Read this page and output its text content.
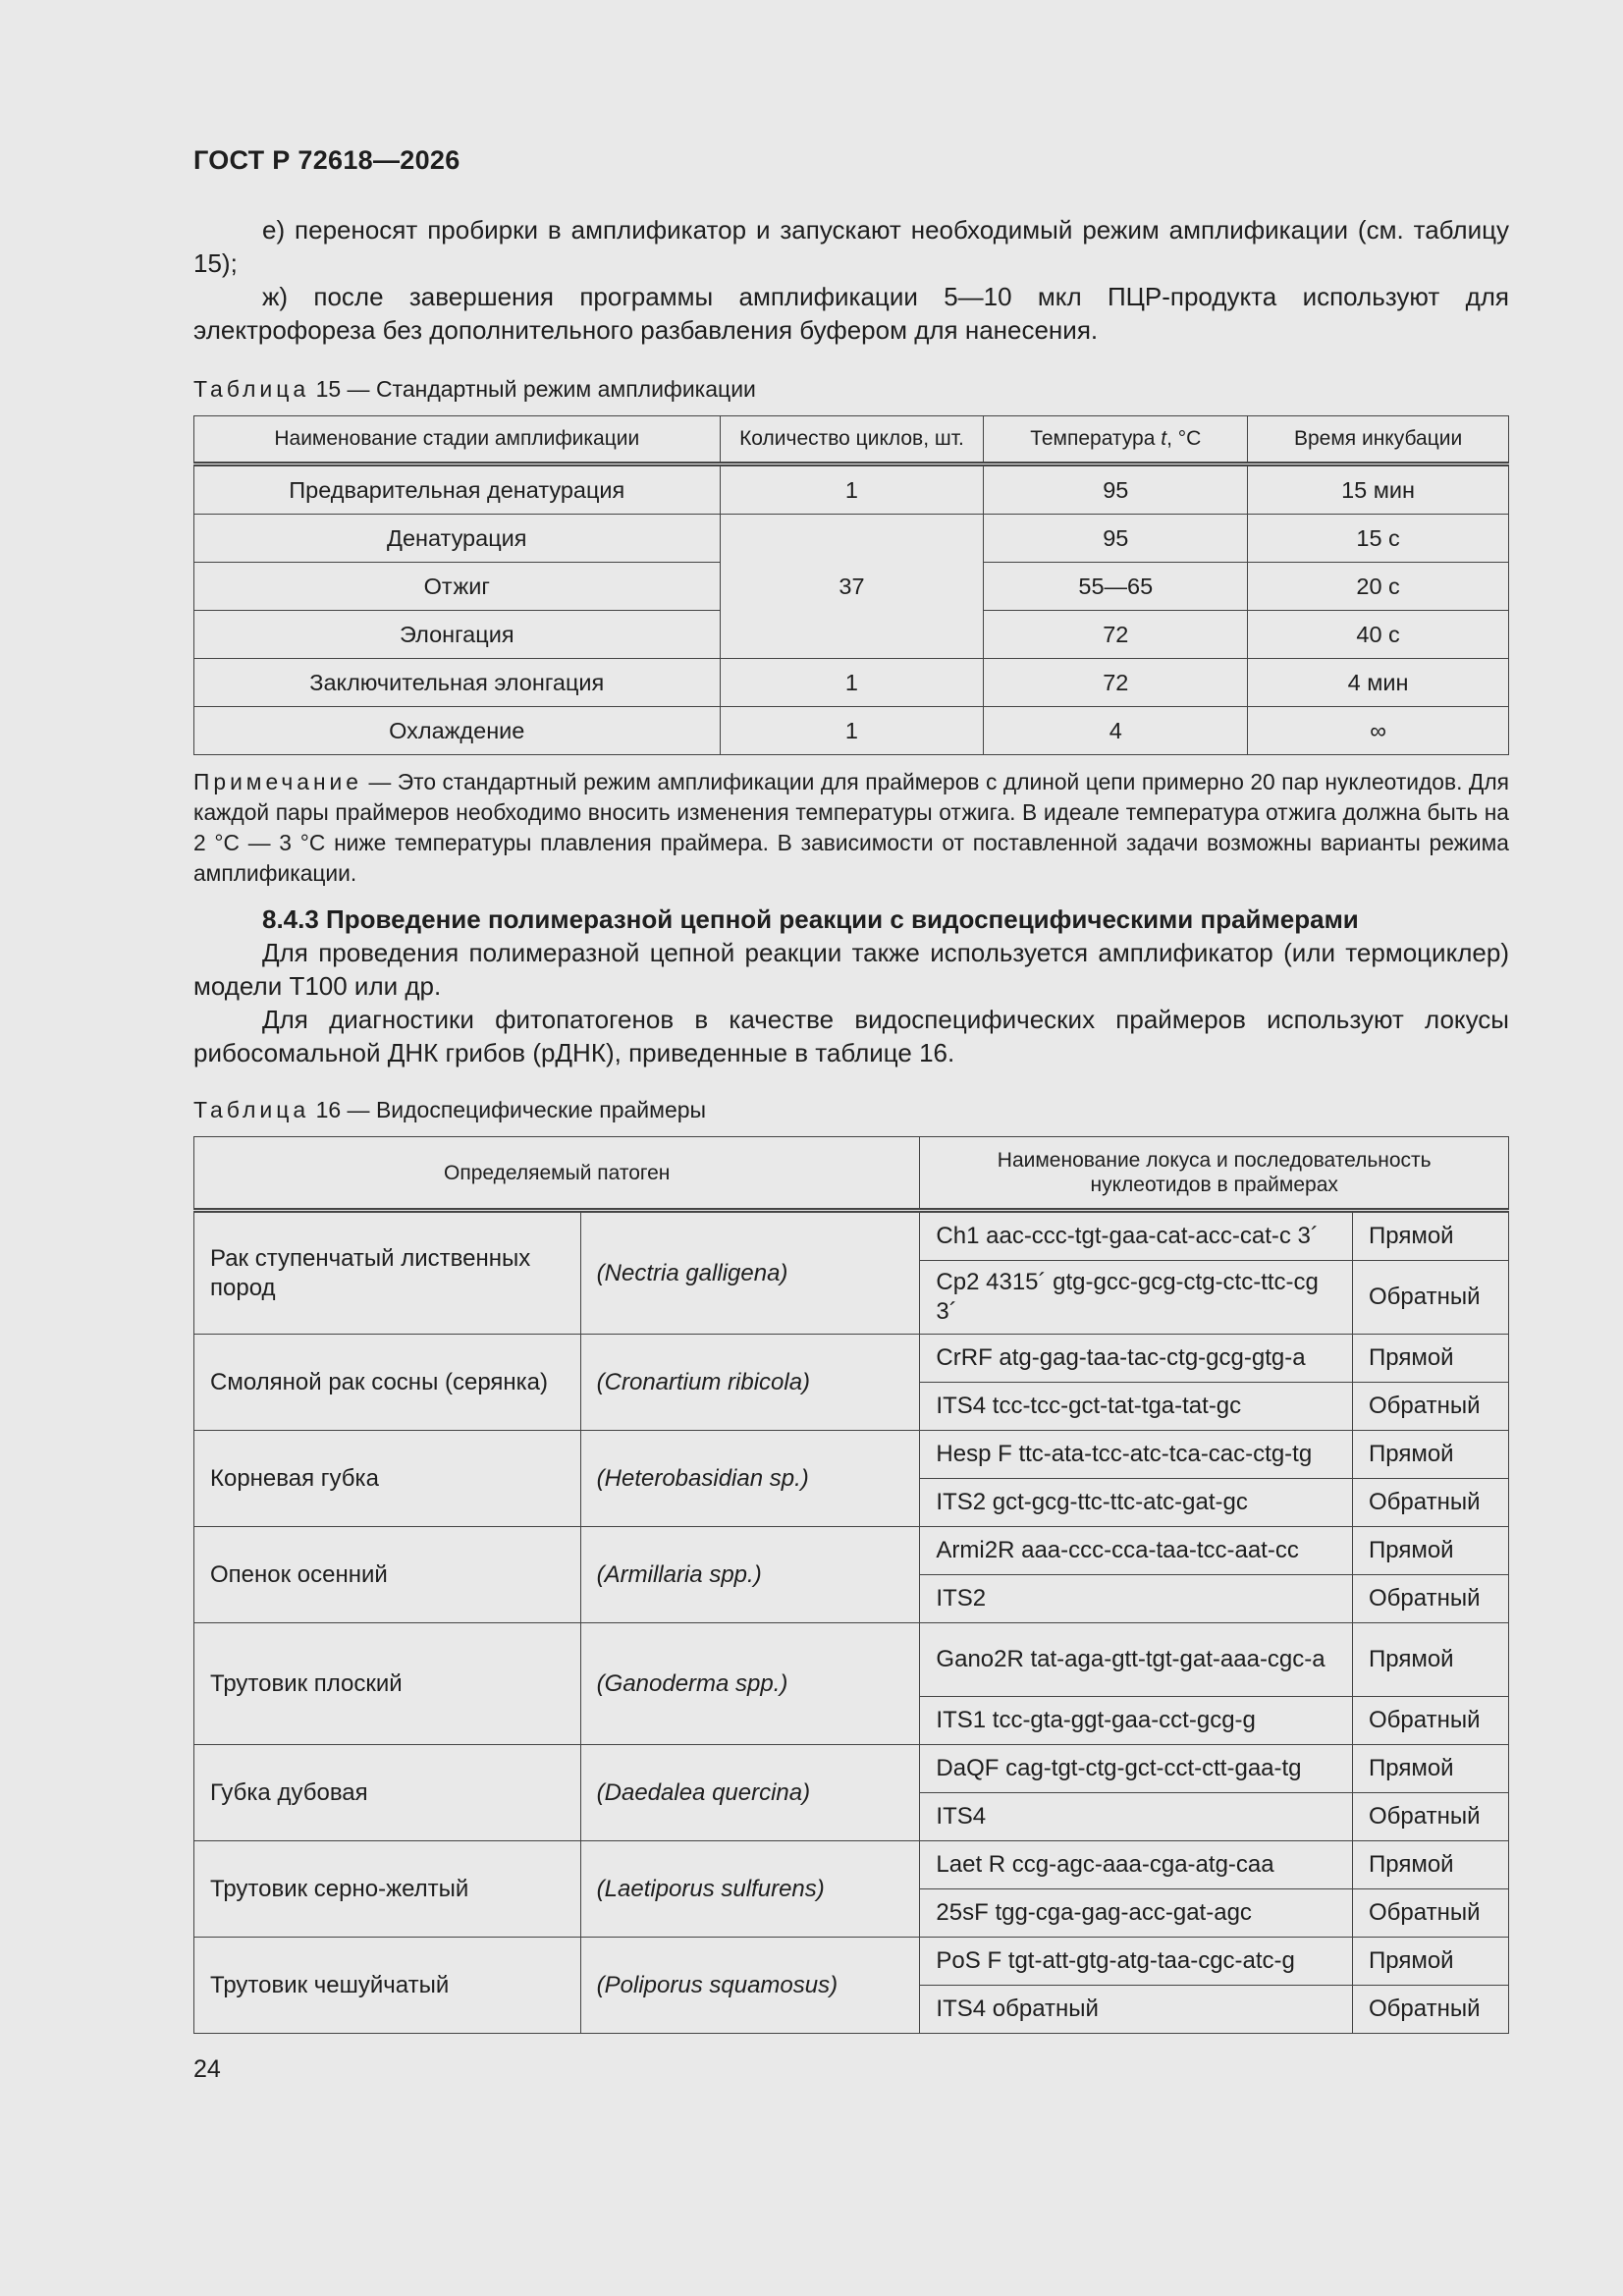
ГОСТ Р 72618—2026

е) переносят пробирки в амплификатор и запускают необходимый режим амплификации (см. таблицу 15);

ж) после завершения программы амплификации 5—10 мкл ПЦР-продукта используют для электрофореза без дополнительного разбавления буфером для нанесения.

Таблица 15 — Стандартный режим амплификации
Наименование стадии амплификации	Количество циклов, шт.	Температура t, °С	Время инкубации
Предварительная денатурация	1	95	15 мин
Денатурация	37	95	15 с
Отжиг		55—65	20 с
Элонгация		72	40 с
Заключительная элонгация	1	72	4 мин
Охлаждение	1	4	∞

Примечание — Это стандартный режим амплификации для праймеров с длиной цепи примерно 20 пар нуклеотидов. Для каждой пары праймеров необходимо вносить изменения температуры отжига. В идеале температура отжига должна быть на 2 °С — 3 °С ниже температуры плавления праймера. В зависимости от поставленной задачи возможны варианты режима амплификации.

8.4.3 Проведение полимеразной цепной реакции с видоспецифическими праймерами

Для проведения полимеразной цепной реакции также используется амплификатор (или термоциклер) модели Т100 или др.

Для диагностики фитопатогенов в качестве видоспецифических праймеров используют локусы рибосомальной ДНК грибов (рДНК), приведенные в таблице 16.

Таблица 16 — Видоспецифические праймеры
Определяемый патоген		Наименование локуса и последовательность нуклеотидов в праймерах	

Рак ступенчатый лиственных пород	(Nectria galligena)	Ch1 aac-ccc-tgt-gaa-cat-acc-cat-c 3´	Прямой
		Cp2 4315´ gtg-gcc-gcg-ctg-ctc-ttc-cg 3´	Обратный
Смоляной рак сосны (серянка)	(Cronartium ribicola)	CrRF atg-gag-taa-tac-ctg-gcg-gtg-a	Прямой
		ITS4 tcc-tcc-gct-tat-tga-tat-gc	Обратный
Корневая губка	(Heterobasidian sp.)	Hesp F ttc-ata-tcc-atc-tca-cac-ctg-tg	Прямой
		ITS2 gct-gcg-ttc-ttc-atc-gat-gc	Обратный
Опенок осенний	(Armillaria spp.)	Armi2R aaa-ccc-cca-taa-tcc-aat-cc	Прямой
		ITS2	Обратный
Трутовик плоский	(Ganoderma spp.)	Gano2R tat-aga-gtt-tgt-gat-aaa-cgc-a	Прямой
		ITS1 tcc-gta-ggt-gaa-cct-gcg-g	Обратный
Губка дубовая	(Daedalea quercina)	DaQF cag-tgt-ctg-gct-cct-ctt-gaa-tg	Прямой
		ITS4	Обратный
Трутовик серно-желтый	(Laetiporus sulfurens)	Laet R ccg-agc-aaa-cga-atg-caa	Прямой
		25sF tgg-cga-gag-acc-gat-agc	Обратный
Трутовик чешуйчатый	(Poliporus squamosus)	PoS F tgt-att-gtg-atg-taa-cgc-atc-g	Прямой
		ITS4 обратный	Обратный
24
